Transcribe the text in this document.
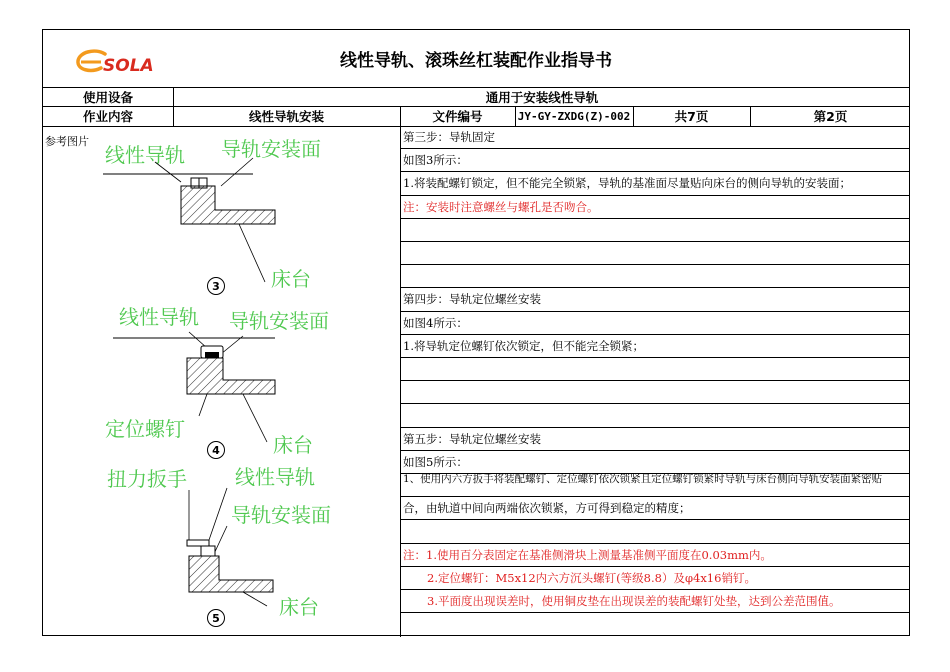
SOLA	线性导轨、滚珠丝杠装配作业指导书
使用设备	通用于安装线性导轨
作业内容	线性导轨安装	文件编号	JY-GY-ZXDG(Z)-002	共7页	第2页
参考图片
线性导轨 导轨安装面
床台
3
线性导轨 导轨安装面
定位螺钉
床台
4
扭力扳手 线性导轨
导轨安装面
床台
5
第三步：导轨固定
如图3所示：
1.将装配螺钉锁定，但不能完全锁紧，导轨的基准面尽量贴向床台的侧向导轨的安装面；
注：安装时注意螺丝与螺孔是否吻合。
第四步：导轨定位螺丝安装
如图4所示：
1.将导轨定位螺钉依次锁定，但不能完全锁紧；
第五步：导轨定位螺丝安装
如图5所示：
1、使用内六方扳手将装配螺钉、定位螺钉依次锁紧且定位螺钉锁紧时导轨与床台侧向导轨安装面紧密贴
合，由轨道中间向两端依次锁紧，方可得到稳定的精度；
注：1.使用百分表固定在基准侧滑块上测量基准侧平面度在0.03mm内。
2.定位螺钉：M5x12内六方沉头螺钉(等级8.8）及φ4x16销钉。
3.平面度出现误差时，使用铜皮垫在出现误差的装配螺钉处垫，达到公差范围值。
